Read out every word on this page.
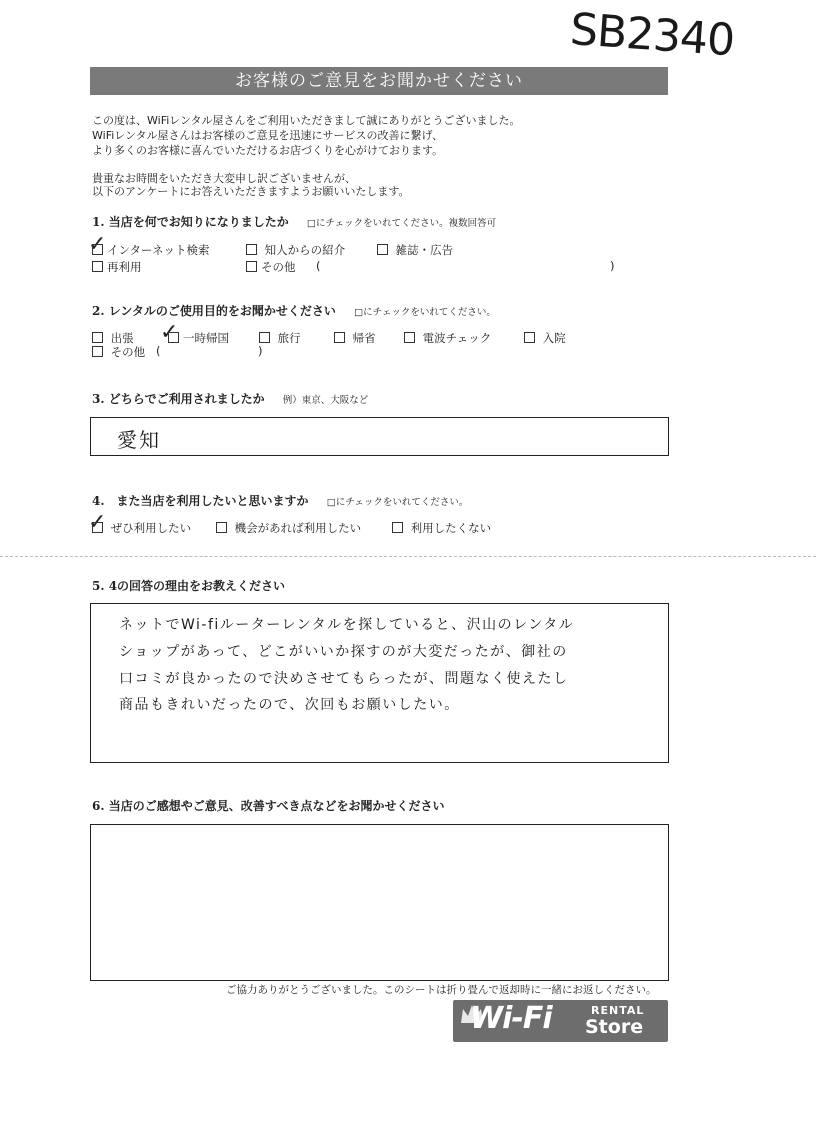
SB2340
お客様のご意見をお聞かせください
この度は、WiFiレンタル屋さんをご利用いただきまして誠にありがとうございました。
WiFiレンタル屋さんはお客様のご意見を迅速にサービスの改善に繋げ、
より多くのお客様に喜んでいただけるお店づくりを心がけております。
貴重なお時間をいただき大変申し訳ございませんが、
以下のアンケートにお答えいただきますようお願いいたします。
1. 当店を何でお知りになりましたか □にチェックをいれてください。複数回答可
✓ インターネット検索	知人からの紹介	雑誌・広告
再利用	その他 (	)
2. レンタルのご使用目的をお聞かせください □にチェックをいれてください。
出張 ✓ 一時帰国	旅行	帰省	電波チェック	入院
その他 (	)
3. どちらでご利用されましたか 例）東京、大阪など
愛知
4.　また当店を利用したいと思いますか □にチェックをいれてください。
✓ ぜひ利用したい	機会があれば利用したい	利用したくない
5. 4の回答の理由をお教えください
ネットでWi-fiルーターレンタルを探していると、沢山のレンタル
ショップがあって、どこがいいか探すのが大変だったが、御社の
口コミが良かったので決めさせてもらったが、問題なく使えたし
商品もきれいだったので、次回もお願いしたい。
6. 当店のご感想やご意見、改善すべき点などをお聞かせください
ご協力ありがとうございました。このシートは折り畳んで返却時に一緒にお返しください。
Wi-Fi	RENTAL
Store
